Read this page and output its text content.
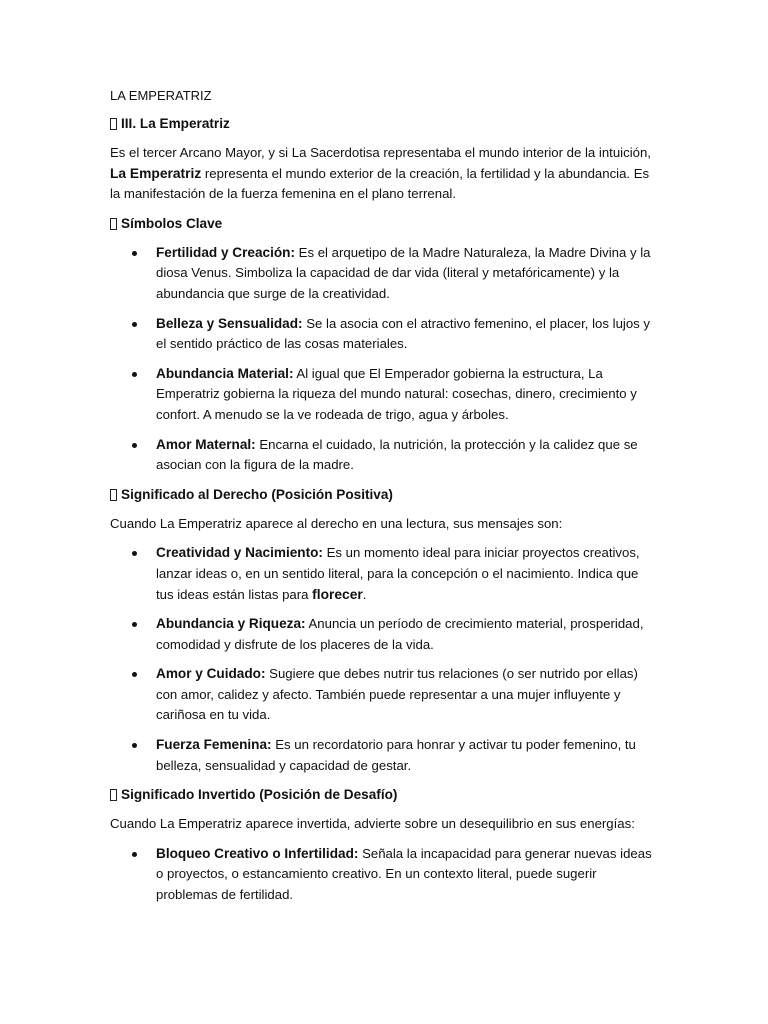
LA EMPERATRIZ

III. La Emperatriz

Es el tercer Arcano Mayor, y si La Sacerdotisa representaba el mundo interior de la intuición, La Emperatriz representa el mundo exterior de la creación, la fertilidad y la abundancia. Es la manifestación de la fuerza femenina en el plano terrenal.

Símbolos Clave
Fertilidad y Creación: Es el arquetipo de la Madre Naturaleza, la Madre Divina y la diosa Venus. Simboliza la capacidad de dar vida (literal y metafóricamente) y la abundancia que surge de la creatividad.
Belleza y Sensualidad: Se la asocia con el atractivo femenino, el placer, los lujos y el sentido práctico de las cosas materiales.
Abundancia Material: Al igual que El Emperador gobierna la estructura, La Emperatriz gobierna la riqueza del mundo natural: cosechas, dinero, crecimiento y confort. A menudo se la ve rodeada de trigo, agua y árboles.
Amor Maternal: Encarna el cuidado, la nutrición, la protección y la calidez que se asocian con la figura de la madre.
Significado al Derecho (Posición Positiva)

Cuando La Emperatriz aparece al derecho en una lectura, sus mensajes son:

Creatividad y Nacimiento: Es un momento ideal para iniciar proyectos creativos, lanzar ideas o, en un sentido literal, para la concepción o el nacimiento. Indica que tus ideas están listas para florecer.
Abundancia y Riqueza: Anuncia un período de crecimiento material, prosperidad, comodidad y disfrute de los placeres de la vida.
Amor y Cuidado: Sugiere que debes nutrir tus relaciones (o ser nutrido por ellas) con amor, calidez y afecto. También puede representar a una mujer influyente y cariñosa en tu vida.
Fuerza Femenina: Es un recordatorio para honrar y activar tu poder femenino, tu belleza, sensualidad y capacidad de gestar.
Significado Invertido (Posición de Desafío)

Cuando La Emperatriz aparece invertida, advierte sobre un desequilibrio en sus energías:

Bloqueo Creativo o Infertilidad: Señala la incapacidad para generar nuevas ideas o proyectos, o estancamiento creativo. En un contexto literal, puede sugerir problemas de fertilidad.
